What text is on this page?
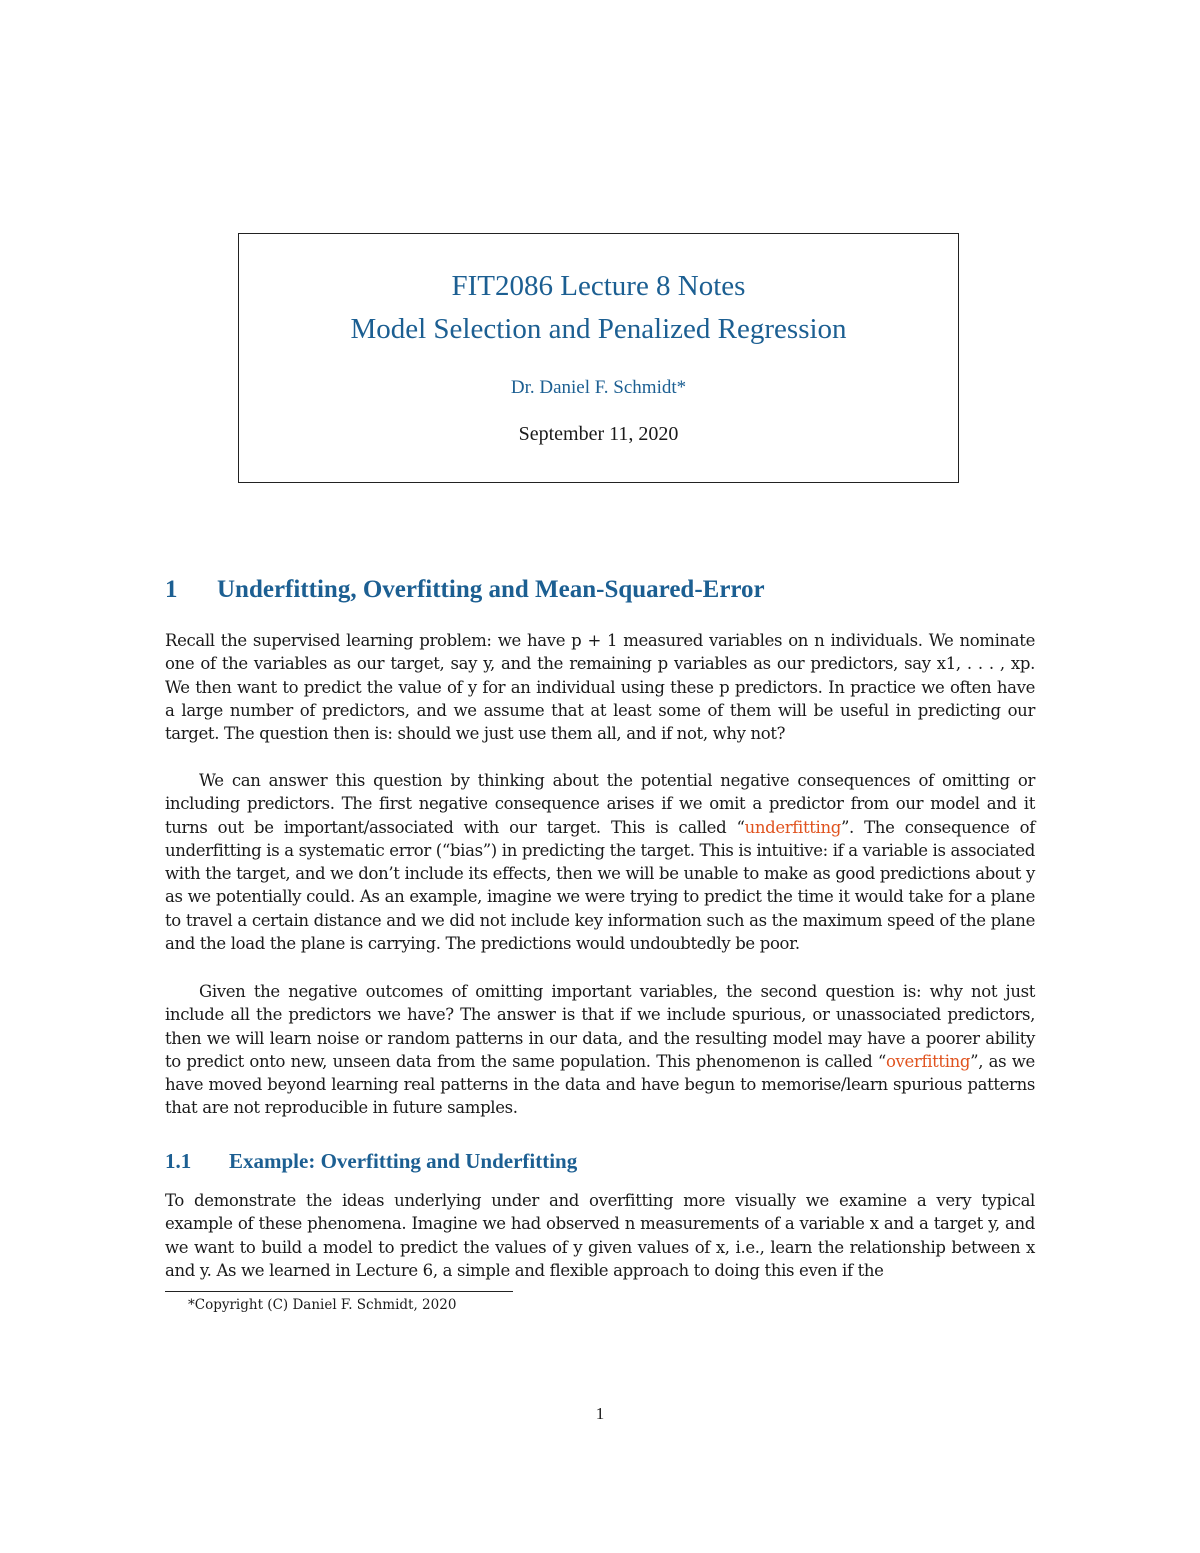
FIT2086 Lecture 8 Notes
Model Selection and Penalized Regression
Dr. Daniel F. Schmidt*
September 11, 2020
1 Underfitting, Overfitting and Mean-Squared-Error

Recall the supervised learning problem: we have p + 1 measured variables on n individuals. We nominate one of the variables as our target, say y, and the remaining p variables as our predictors, say x1, . . . , xp. We then want to predict the value of y for an individual using these p predictors. In practice we often have a large number of predictors, and we assume that at least some of them will be useful in predicting our target. The question then is: should we just use them all, and if not, why not?

We can answer this question by thinking about the potential negative consequences of omitting or including predictors. The first negative consequence arises if we omit a predictor from our model and it turns out be important/associated with our target. This is called “underfitting”. The consequence of underfitting is a systematic error (“bias”) in predicting the target. This is intuitive: if a variable is associated with the target, and we don’t include its effects, then we will be unable to make as good predictions about y as we potentially could. As an example, imagine we were trying to predict the time it would take for a plane to travel a certain distance and we did not include key information such as the maximum speed of the plane and the load the plane is carrying. The predictions would undoubtedly be poor.

Given the negative outcomes of omitting important variables, the second question is: why not just include all the predictors we have? The answer is that if we include spurious, or unassociated predictors, then we will learn noise or random patterns in our data, and the resulting model may have a poorer ability to predict onto new, unseen data from the same population. This phenomenon is called “overfitting”, as we have moved beyond learning real patterns in the data and have begun to memorise/learn spurious patterns that are not reproducible in future samples.

1.1 Example: Overfitting and Underfitting

To demonstrate the ideas underlying under and overfitting more visually we examine a very typical example of these phenomena. Imagine we had observed n measurements of a variable x and a target y, and we want to build a model to predict the values of y given values of x, i.e., learn the relationship between x and y. As we learned in Lecture 6, a simple and flexible approach to doing this even if the

*Copyright (C) Daniel F. Schmidt, 2020
1
